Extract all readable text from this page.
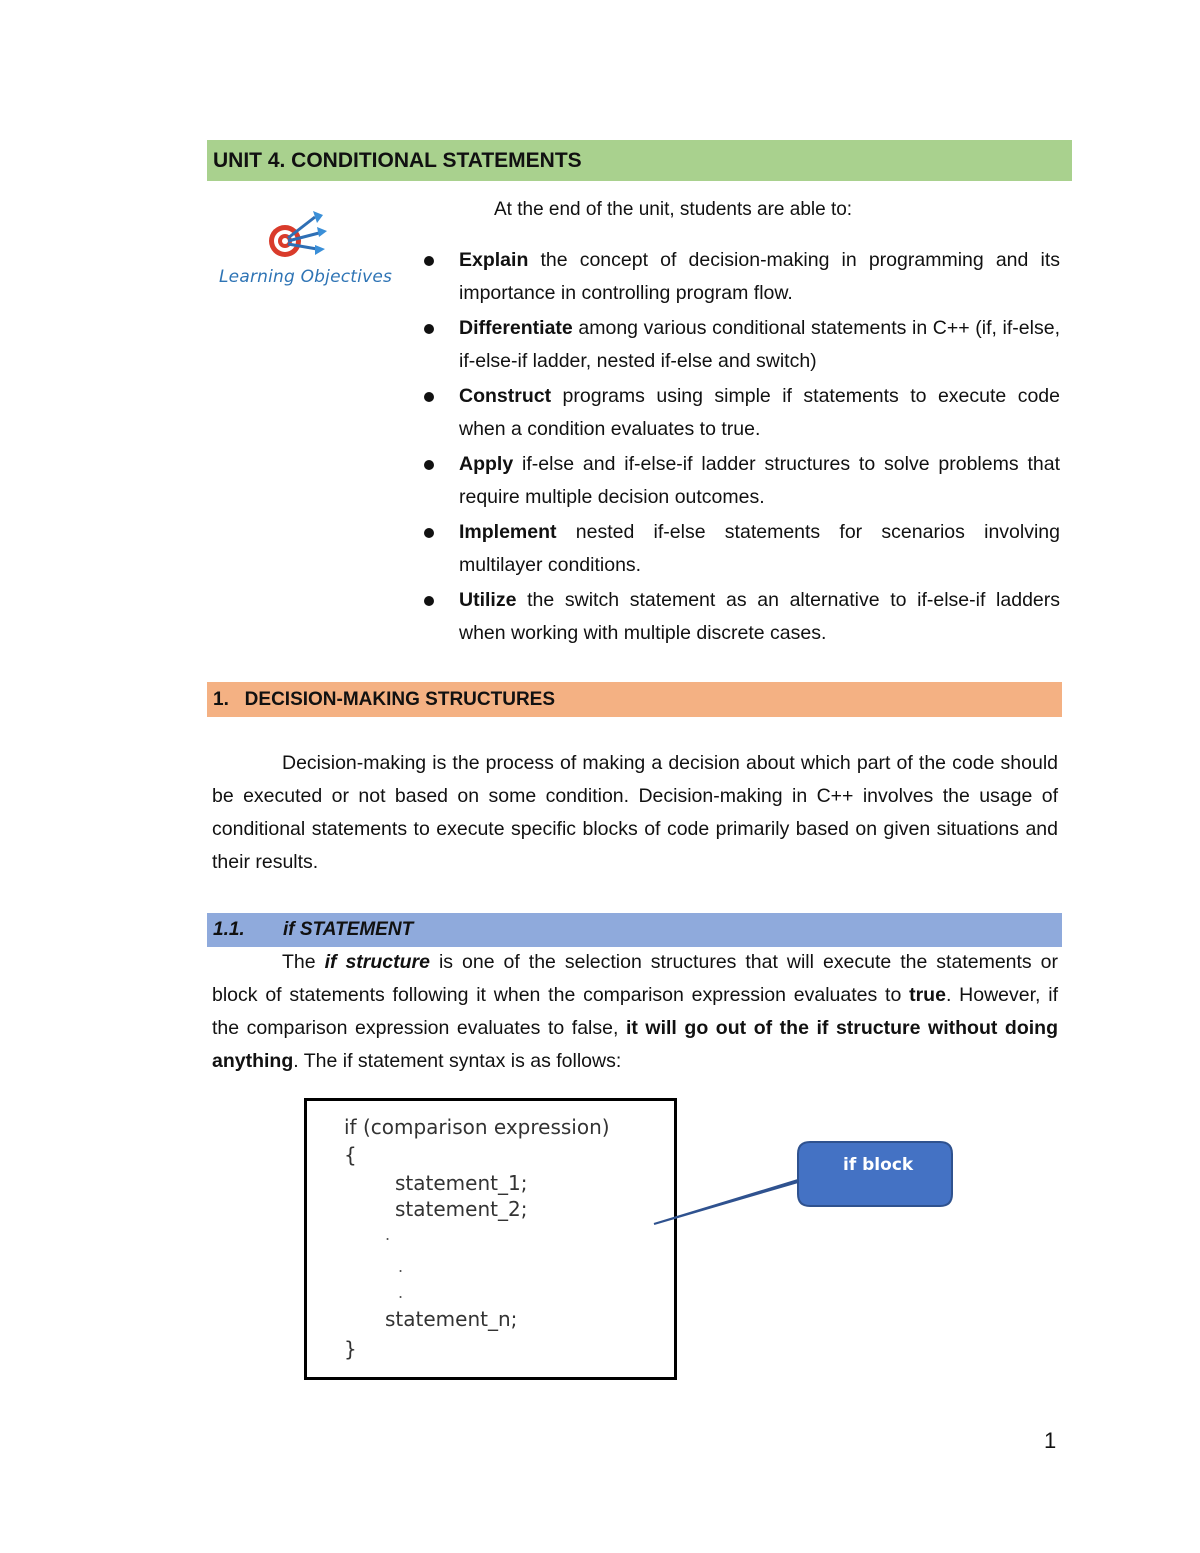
UNIT 4. CONDITIONAL STATEMENTS
Learning Objectives
At the end of the unit, students are able to:
Explain the concept of decision-making in programming and its importance in controlling program flow.
Differentiate among various conditional statements in C++ (if, if-else, if-else-if ladder, nested if-else and switch)
Construct programs using simple if statements to execute code when a condition evaluates to true.
Apply if-else and if-else-if ladder structures to solve problems that require multiple decision outcomes.
Implement nested if-else statements for scenarios involving multilayer conditions.
Utilize the switch statement as an alternative to if-else-if ladders when working with multiple discrete cases.
1.   DECISION-MAKING STRUCTURES
Decision-making is the process of making a decision about which part of the code should be executed or not based on some condition. Decision-making in C++ involves the usage of conditional statements to execute specific blocks of code primarily based on given situations and their results.
1.1. if STATEMENT
The if structure is one of the selection structures that will execute the statements or block of statements following it when the comparison expression evaluates to true. However, if the comparison expression evaluates to false, it will go out of the if structure without doing anything. The if statement syntax is as follows:
if (comparison expression)
{
statement_1;
statement_2;
.
.
.
statement_n;
}
if block
1
